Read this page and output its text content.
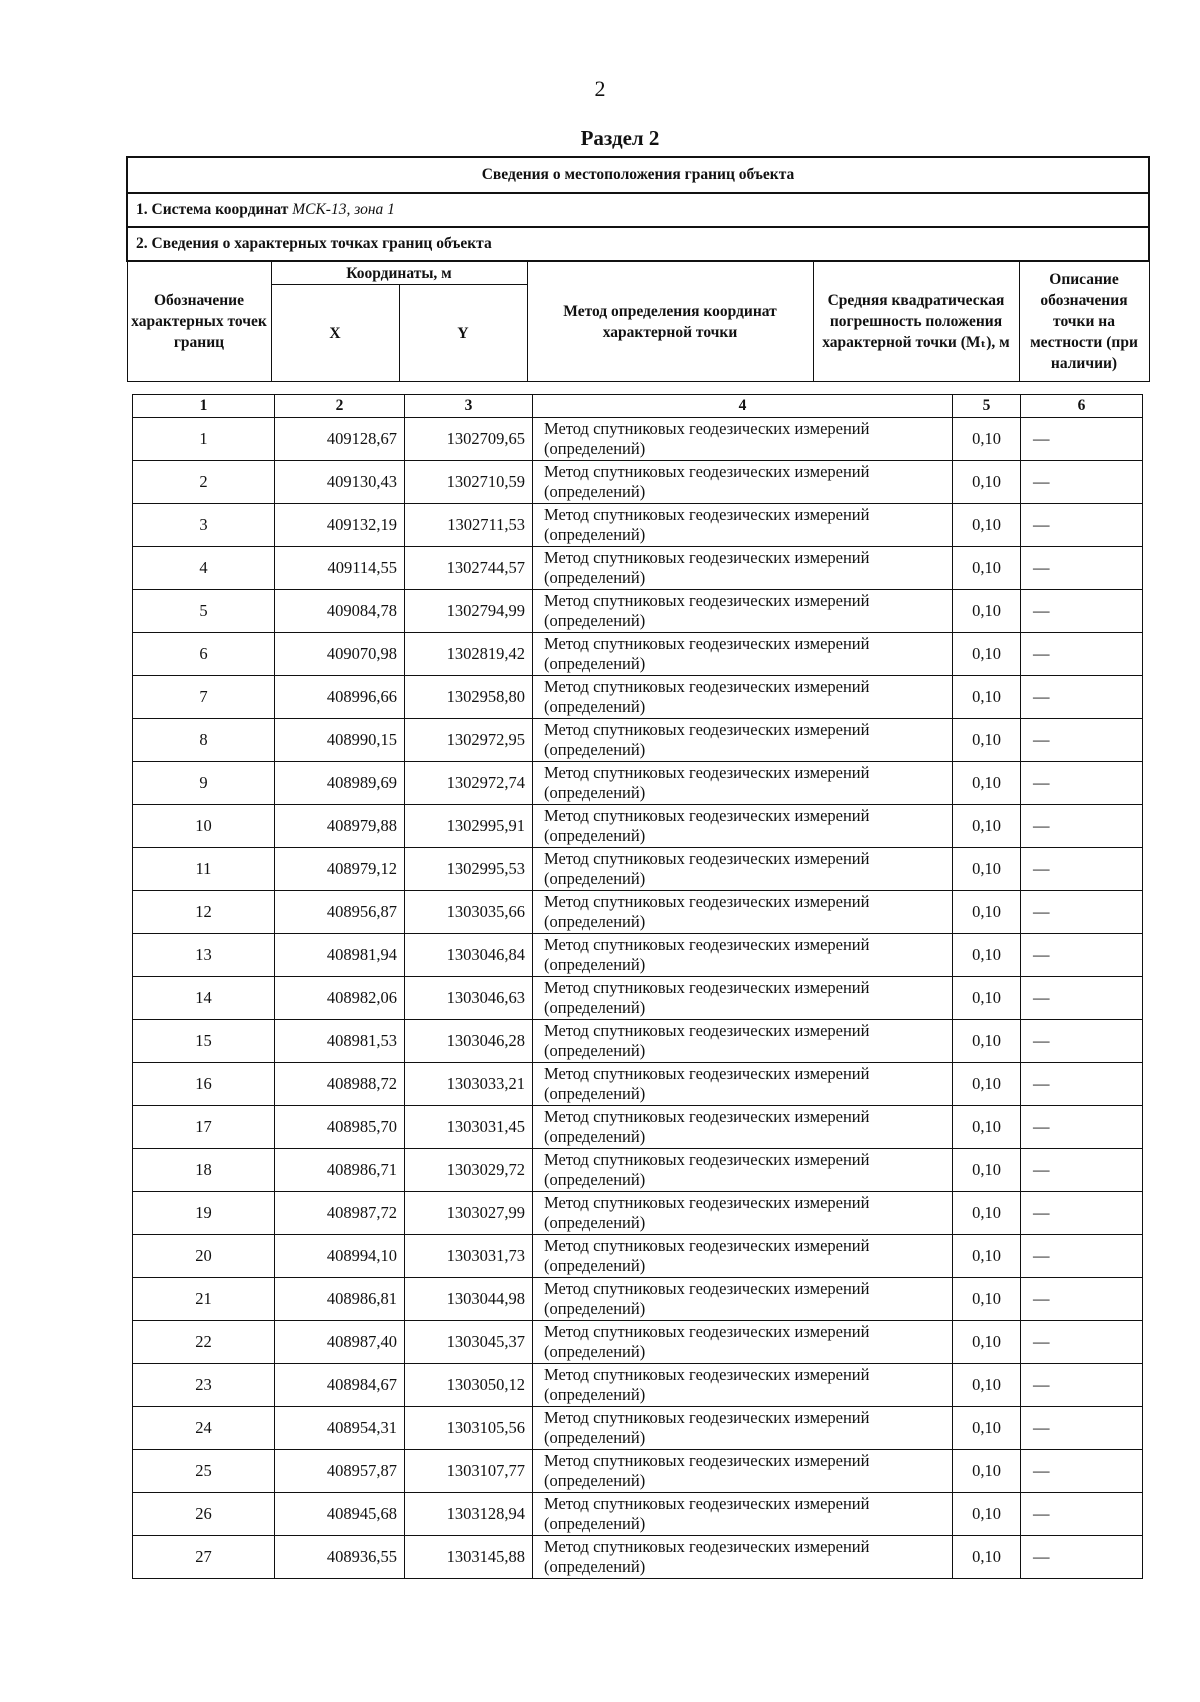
2
Раздел 2
Сведения о местоположения границ объекта					
1. Система координат МСК-13, зона 1					
2. Сведения о характерных точках границ объекта					
Обозначение характерных точек границ	Координаты, м		Метод определения координат характерной точки	Средняя квадратическая погрешность положения характерной точки (Mₜ), м	Описание обозначения точки на местности (при наличии)
	X	Y			
1	2	3	4	5	6
1	409128,67	1302709,65	Метод спутниковых геодезических измерений (определений)	0,10	—
2	409130,43	1302710,59	Метод спутниковых геодезических измерений (определений)	0,10	—
3	409132,19	1302711,53	Метод спутниковых геодезических измерений (определений)	0,10	—
4	409114,55	1302744,57	Метод спутниковых геодезических измерений (определений)	0,10	—
5	409084,78	1302794,99	Метод спутниковых геодезических измерений (определений)	0,10	—
6	409070,98	1302819,42	Метод спутниковых геодезических измерений (определений)	0,10	—
7	408996,66	1302958,80	Метод спутниковых геодезических измерений (определений)	0,10	—
8	408990,15	1302972,95	Метод спутниковых геодезических измерений (определений)	0,10	—
9	408989,69	1302972,74	Метод спутниковых геодезических измерений (определений)	0,10	—
10	408979,88	1302995,91	Метод спутниковых геодезических измерений (определений)	0,10	—
11	408979,12	1302995,53	Метод спутниковых геодезических измерений (определений)	0,10	—
12	408956,87	1303035,66	Метод спутниковых геодезических измерений (определений)	0,10	—
13	408981,94	1303046,84	Метод спутниковых геодезических измерений (определений)	0,10	—
14	408982,06	1303046,63	Метод спутниковых геодезических измерений (определений)	0,10	—
15	408981,53	1303046,28	Метод спутниковых геодезических измерений (определений)	0,10	—
16	408988,72	1303033,21	Метод спутниковых геодезических измерений (определений)	0,10	—
17	408985,70	1303031,45	Метод спутниковых геодезических измерений (определений)	0,10	—
18	408986,71	1303029,72	Метод спутниковых геодезических измерений (определений)	0,10	—
19	408987,72	1303027,99	Метод спутниковых геодезических измерений (определений)	0,10	—
20	408994,10	1303031,73	Метод спутниковых геодезических измерений (определений)	0,10	—
21	408986,81	1303044,98	Метод спутниковых геодезических измерений (определений)	0,10	—
22	408987,40	1303045,37	Метод спутниковых геодезических измерений (определений)	0,10	—
23	408984,67	1303050,12	Метод спутниковых геодезических измерений (определений)	0,10	—
24	408954,31	1303105,56	Метод спутниковых геодезических измерений (определений)	0,10	—
25	408957,87	1303107,77	Метод спутниковых геодезических измерений (определений)	0,10	—
26	408945,68	1303128,94	Метод спутниковых геодезических измерений (определений)	0,10	—
27	408936,55	1303145,88	Метод спутниковых геодезических измерений (определений)	0,10	—
